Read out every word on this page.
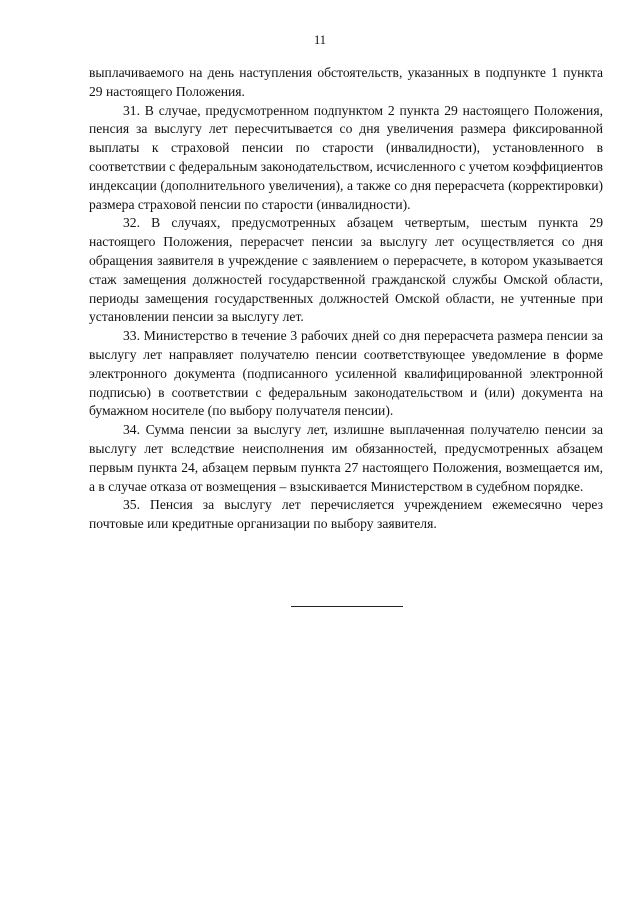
11

выплачиваемого на день наступления обстоятельств, указанных в подпункте 1 пункта 29 настоящего Положения.

31. В случае, предусмотренном подпунктом 2 пункта 29 настоящего Положения, пенсия за выслугу лет пересчитывается со дня увеличения размера фиксированной выплаты к страховой пенсии по старости (инвалидности), установленного в соответствии с федеральным законодательством, исчисленного с учетом коэффициентов индексации (дополнительного увеличения), а также со дня перерасчета (корректировки) размера страховой пенсии по старости (инвалидности).

32. В случаях, предусмотренных абзацем четвертым, шестым пункта 29 настоящего Положения, перерасчет пенсии за выслугу лет осуществляется со дня обращения заявителя в учреждение с заявлением о перерасчете, в котором указывается стаж замещения должностей государственной гражданской службы Омской области, периоды замещения государственных должностей Омской области, не учтенные при установлении пенсии за выслугу лет.

33. Министерство в течение 3 рабочих дней со дня перерасчета размера пенсии за выслугу лет направляет получателю пенсии соответствующее уведомление в форме электронного документа (подписанного усиленной квалифицированной электронной подписью) в соответствии с федеральным законодательством и (или) документа на бумажном носителе (по выбору получателя пенсии).

34. Сумма пенсии за выслугу лет, излишне выплаченная получателю пенсии за выслугу лет вследствие неисполнения им обязанностей, предусмотренных абзацем первым пункта 24, абзацем первым пункта 27 настоящего Положения, возмещается им, а в случае отказа от возмещения – взыскивается Министерством в судебном порядке.

35. Пенсия за выслугу лет перечисляется учреждением ежемесячно через почтовые или кредитные организации по выбору заявителя.
